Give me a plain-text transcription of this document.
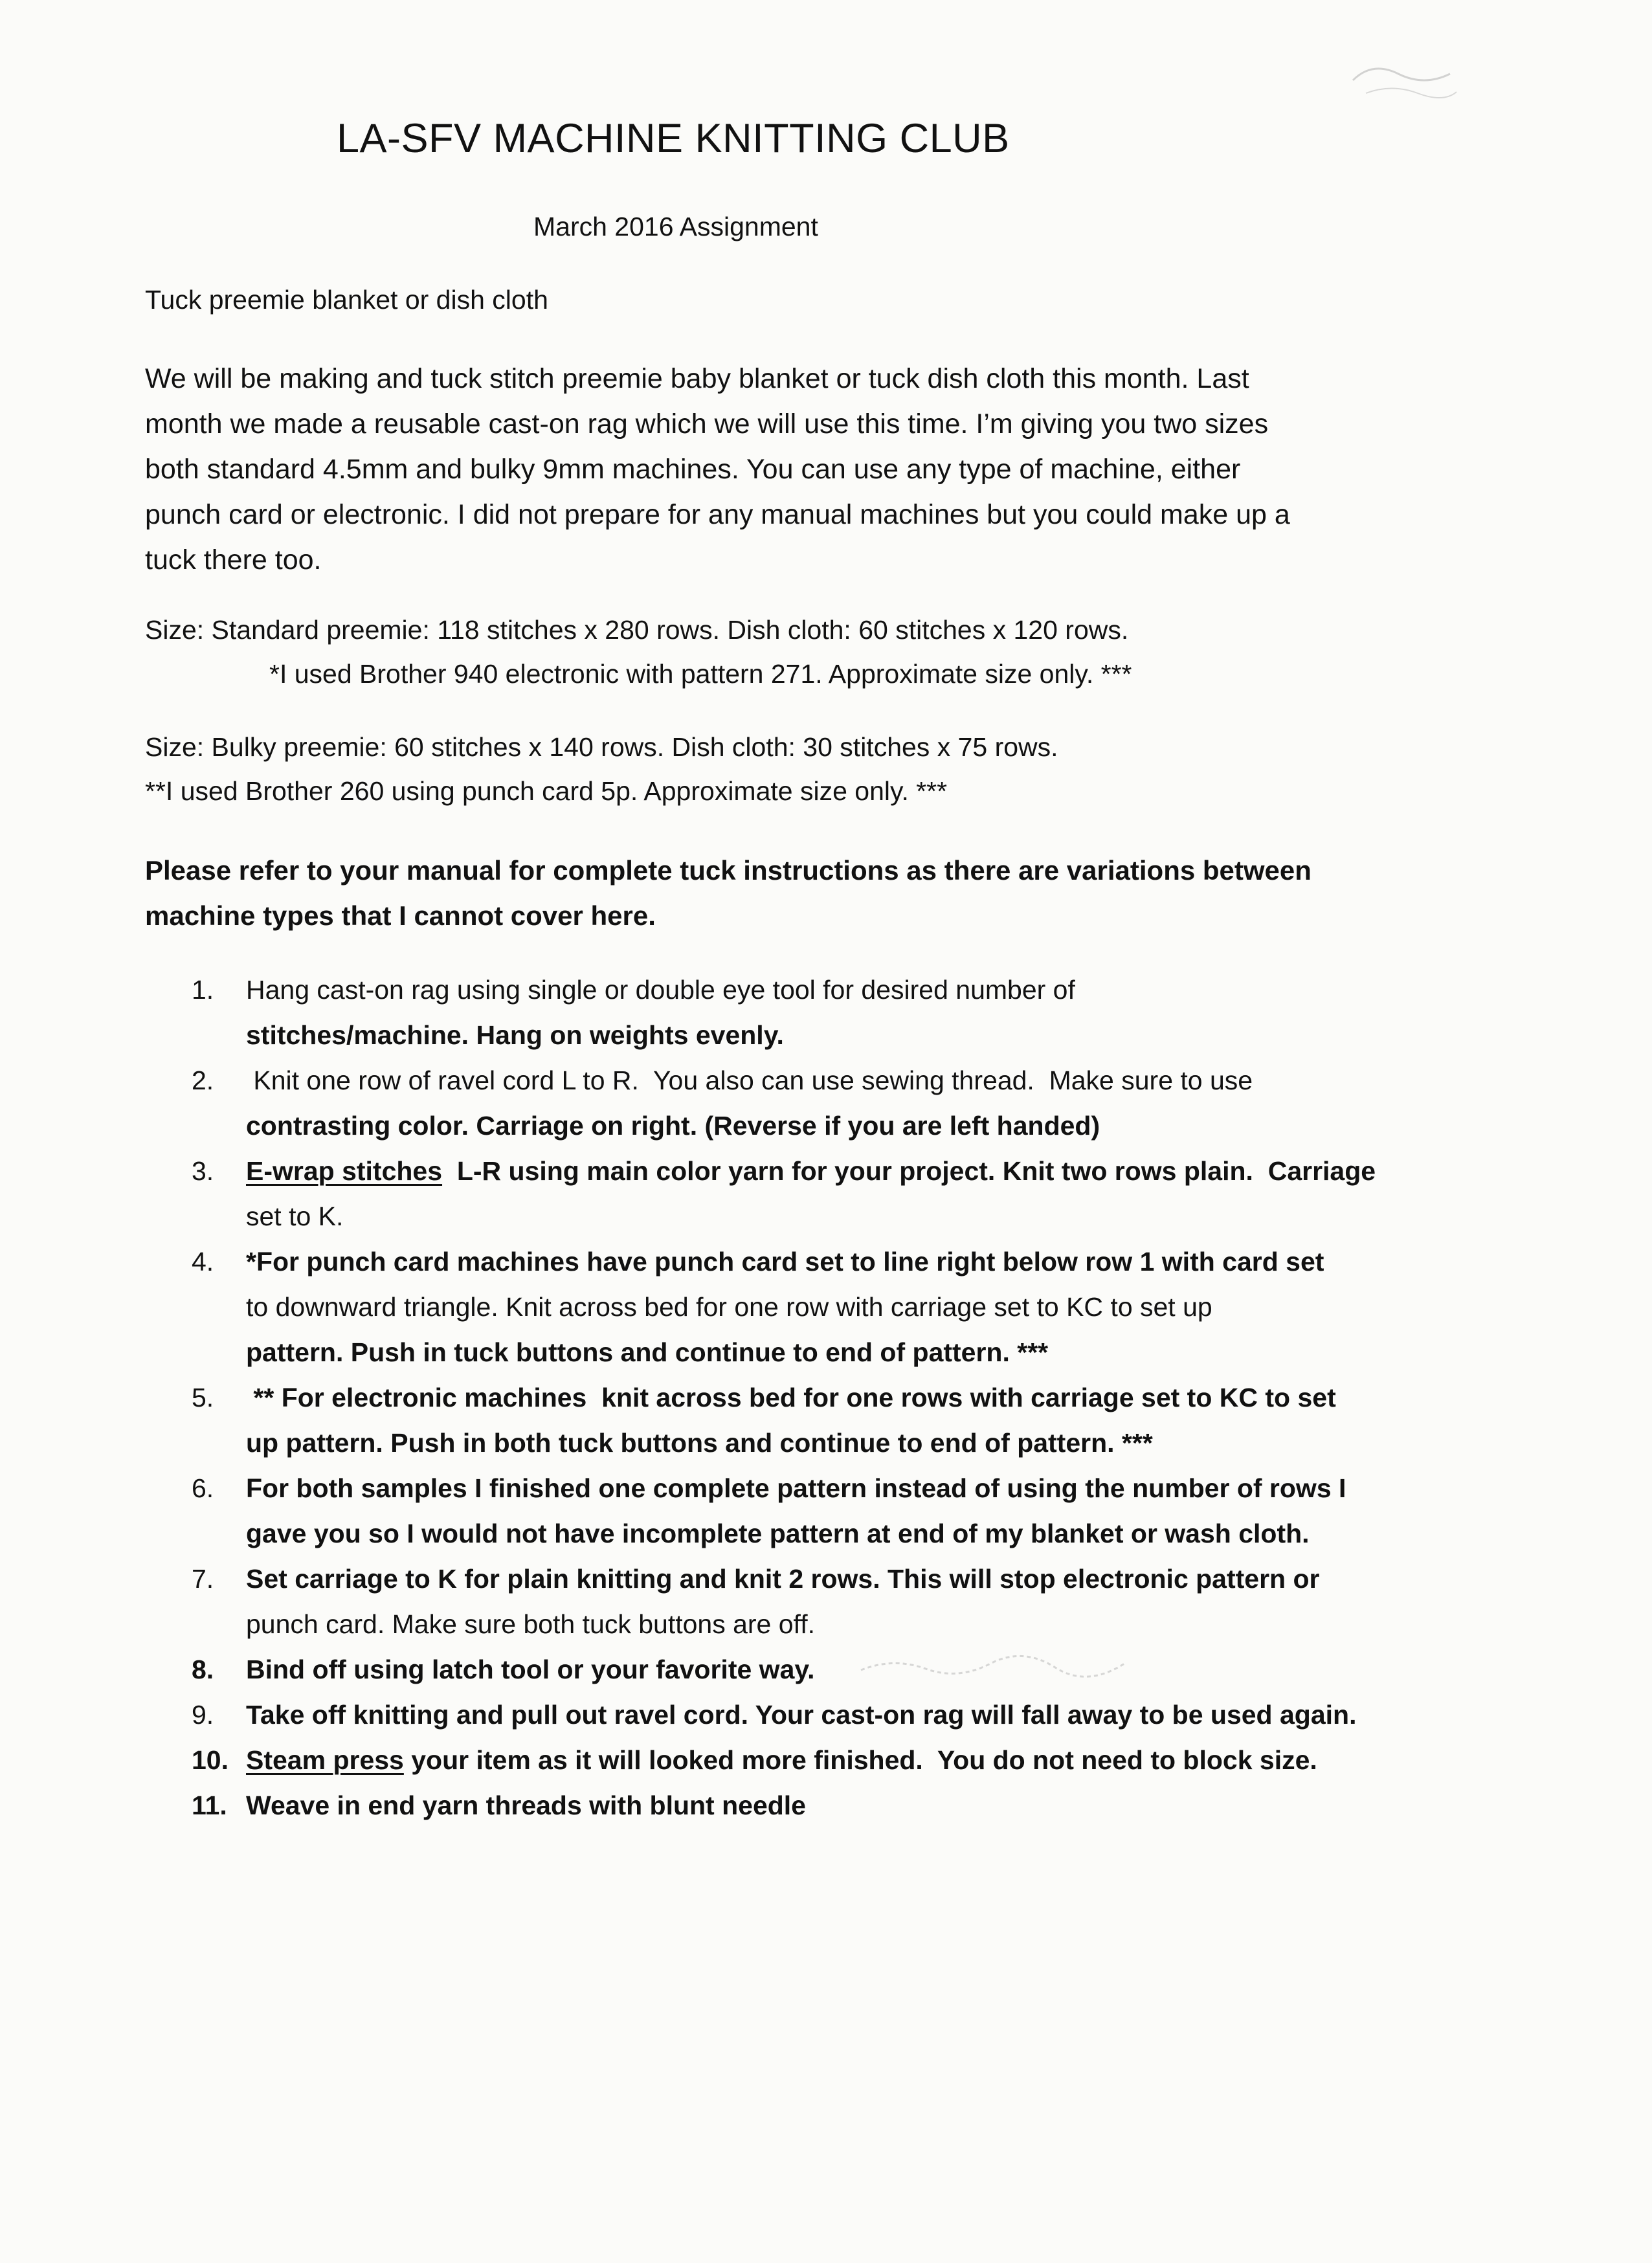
LA-SFV MACHINE KNITTING CLUB
March 2016 Assignment
Tuck preemie blanket or dish cloth
We will be making and tuck stitch preemie baby blanket or tuck dish cloth this month. Last
month we made a reusable cast-on rag which we will use this time. I’m giving you two sizes
both standard 4.5mm and bulky 9mm machines. You can use any type of machine, either
punch card or electronic. I did not prepare for any manual machines but you could make up a
tuck there too.
Size: Standard preemie: 118 stitches x 280 rows. Dish cloth: 60 stitches x 120 rows.
*I used Brother 940 electronic with pattern 271. Approximate size only. ***
Size: Bulky preemie: 60 stitches x 140 rows. Dish cloth: 30 stitches x 75 rows.
**I used Brother 260 using punch card 5p. Approximate size only. ***
Please refer to your manual for complete tuck instructions as there are variations between
machine types that I cannot cover here.
1.	Hang cast-on rag using single or double eye tool for desired number of
stitches/machine. Hang on weights evenly.
2.	Knit one row of ravel cord L to R.  You also can use sewing thread.  Make sure to use
contrasting color. Carriage on right. (Reverse if you are left handed)
3.	E-wrap stitches  L-R using main color yarn for your project. Knit two rows plain.  Carriage
set to K.
4.	*For punch card machines have punch card set to line right below row 1 with card set
to downward triangle. Knit across bed for one row with carriage set to KC to set up
pattern. Push in tuck buttons and continue to end of pattern. ***
5.	** For electronic machines  knit across bed for one rows with carriage set to KC to set
up pattern. Push in both tuck buttons and continue to end of pattern. ***
6.	For both samples I finished one complete pattern instead of using the number of rows I
gave you so I would not have incomplete pattern at end of my blanket or wash cloth.
7.	Set carriage to K for plain knitting and knit 2 rows. This will stop electronic pattern or
punch card. Make sure both tuck buttons are off.
8.	Bind off using latch tool or your favorite way.
9.	Take off knitting and pull out ravel cord. Your cast-on rag will fall away to be used again.
10. Steam press your item as it will looked more finished.  You do not need to block size.
11. Weave in end yarn threads with blunt needle
